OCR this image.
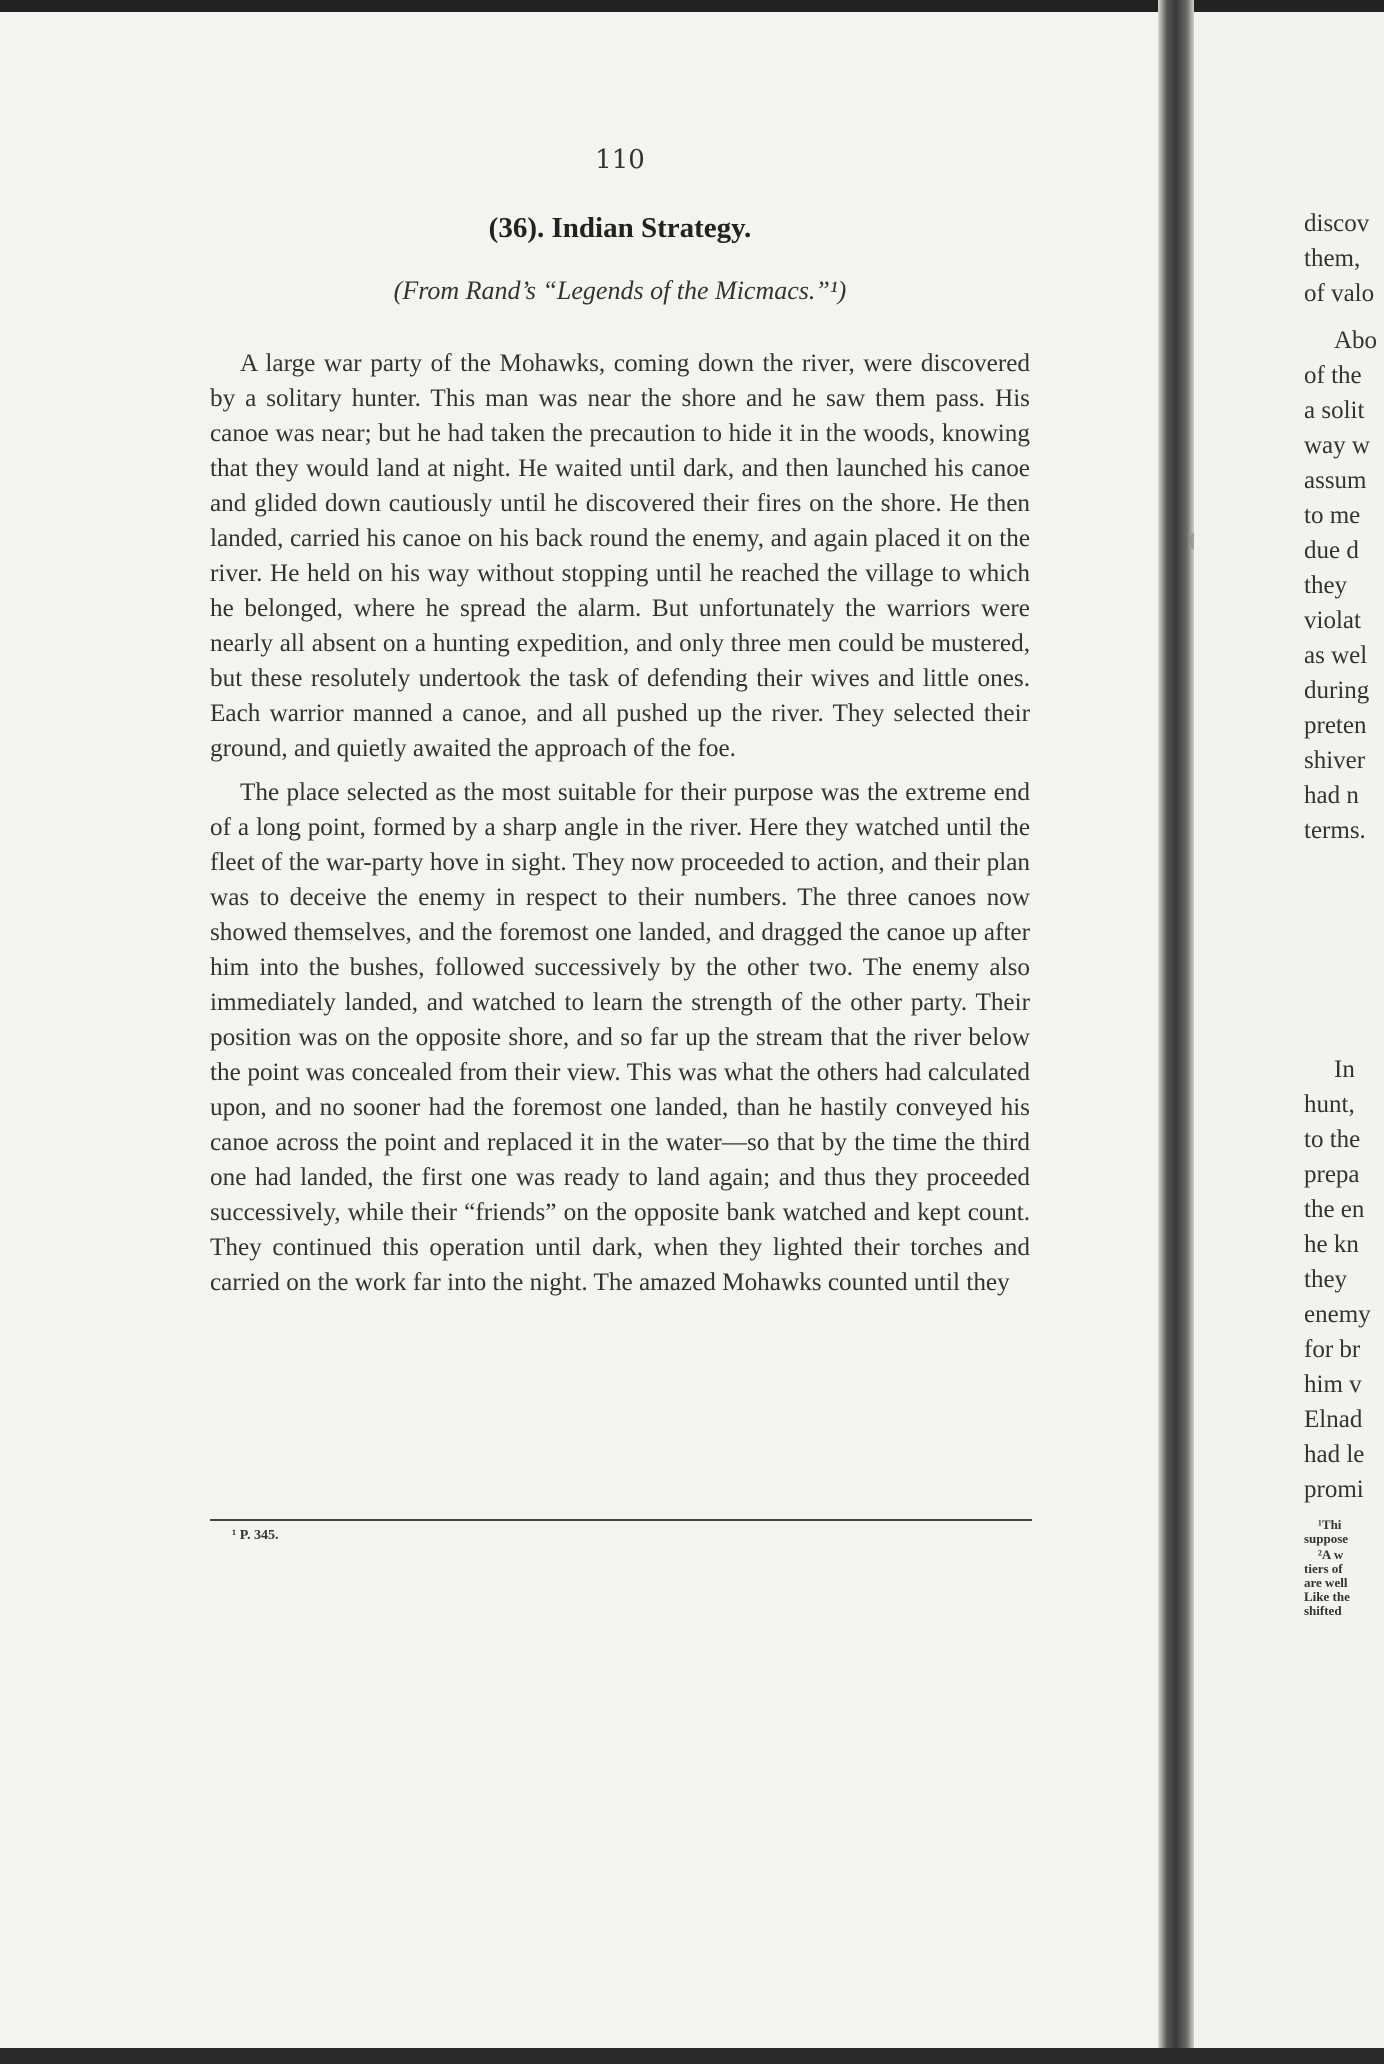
110
(36). Indian Strategy.
(From Rand’s “Legends of the Micmacs.”¹)

A large war party of the Mohawks, coming down the river, were discovered by a solitary hunter. This man was near the shore and he saw them pass. His canoe was near; but he had taken the precaution to hide it in the woods, knowing that they would land at night. He waited until dark, and then launched his canoe and glided down cautiously until he discovered their fires on the shore. He then landed, carried his canoe on his back round the enemy, and again placed it on the river. He held on his way without stopping until he reached the village to which he belonged, where he spread the alarm. But unfortunately the warriors were nearly all absent on a hunting expedition, and only three men could be mustered, but these resolutely undertook the task of defending their wives and little ones. Each warrior manned a canoe, and all pushed up the river. They selected their ground, and quietly awaited the approach of the foe.

The place selected as the most suitable for their purpose was the extreme end of a long point, formed by a sharp angle in the river. Here they watched until the fleet of the war-party hove in sight. They now proceeded to action, and their plan was to deceive the enemy in respect to their numbers. The three canoes now showed themselves, and the foremost one landed, and dragged the canoe up after him into the bushes, followed successively by the other two. The enemy also immediately landed, and watched to learn the strength of the other party. Their position was on the opposite shore, and so far up the stream that the river below the point was concealed from their view. This was what the others had calculated upon, and no sooner had the foremost one landed, than he hastily conveyed his canoe across the point and replaced it in the water—so that by the time the third one had landed, the first one was ready to land again; and thus they proceeded successively, while their “friends” on the opposite bank watched and kept count. They continued this operation until dark, when they lighted their torches and carried on the work far into the night. The amazed Mohawks counted until they

¹ P. 345.
discov
them,
of valo
Abo
of the
a solit
way w
assum
to me
due d
they
violat
as wel
during
preten
shiver
had n
terms.
In
hunt,
to the
prepa
the en
he kn
they
enemy
for br
him v
Elnad
had le
promi
¹Thi
suppose
²A w
tiers of
are well
Like the
shifted
